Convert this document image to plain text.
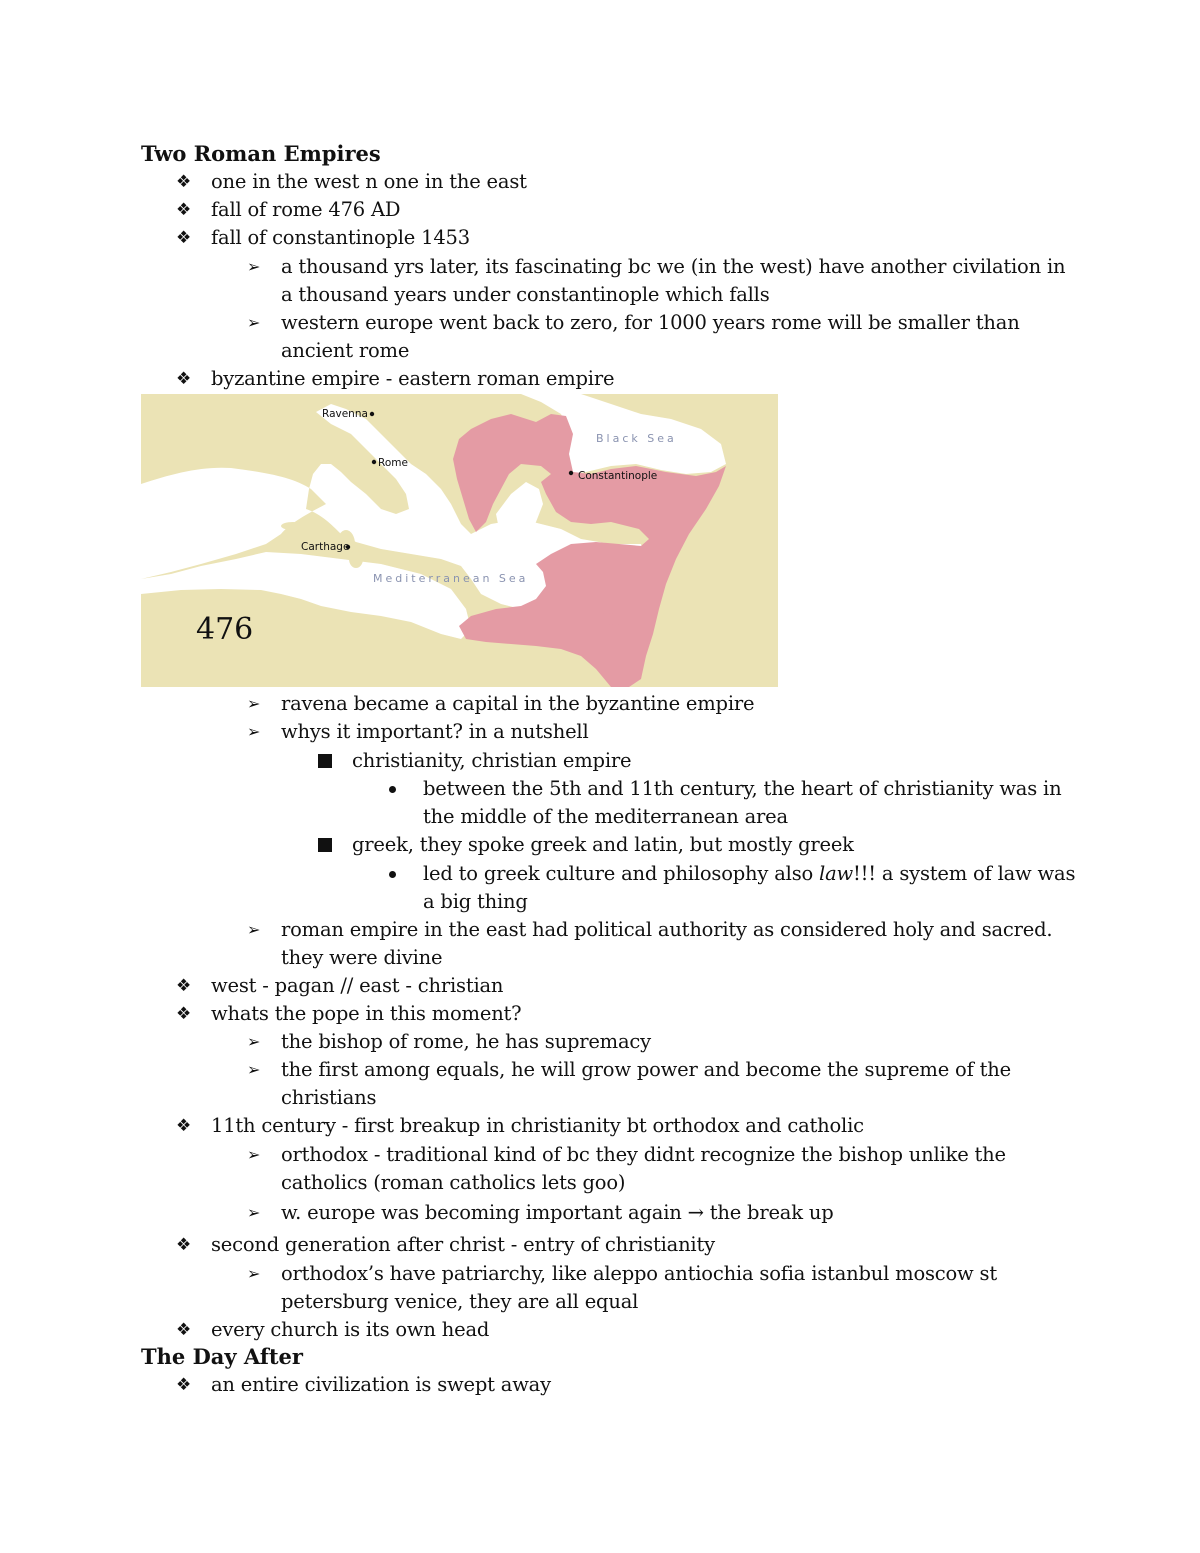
Two Roman Empires
❖ one in the west n one in the east
❖ fall of rome 476 AD
❖ fall of constantinople 1453
➢ a thousand yrs later, its fascinating bc we (in the west) have another civilation in
a thousand years under constantinople which falls
➢ western europe went back to zero, for 1000 years rome will be smaller than
ancient rome
❖ byzantine empire - eastern roman empire
Ravenna
Rome
Constantinople
Carthage
Black Sea
Mediterranean Sea
476
➢ ravena became a capital in the byzantine empire
➢ whys it important? in a nutshell
christianity, christian empire
between the 5th and 11th century, the heart of christianity was in
the middle of the mediterranean area
greek, they spoke greek and latin, but mostly greek
led to greek culture and philosophy also law!!! a system of law was
a big thing
➢ roman empire in the east had political authority as considered holy and sacred.
they were divine
❖ west - pagan // east - christian
❖ whats the pope in this moment?
➢ the bishop of rome, he has supremacy
➢ the first among equals, he will grow power and become the supreme of the
christians
❖ 11th century - first breakup in christianity bt orthodox and catholic
➢ orthodox - traditional kind of bc they didnt recognize the bishop unlike the
catholics (roman catholics lets goo)
➢ w. europe was becoming important again → the break up
❖ second generation after christ - entry of christianity
➢ orthodox’s have patriarchy, like aleppo antiochia sofia istanbul moscow st
petersburg venice, they are all equal
❖ every church is its own head
The Day After
❖ an entire civilization is swept away
